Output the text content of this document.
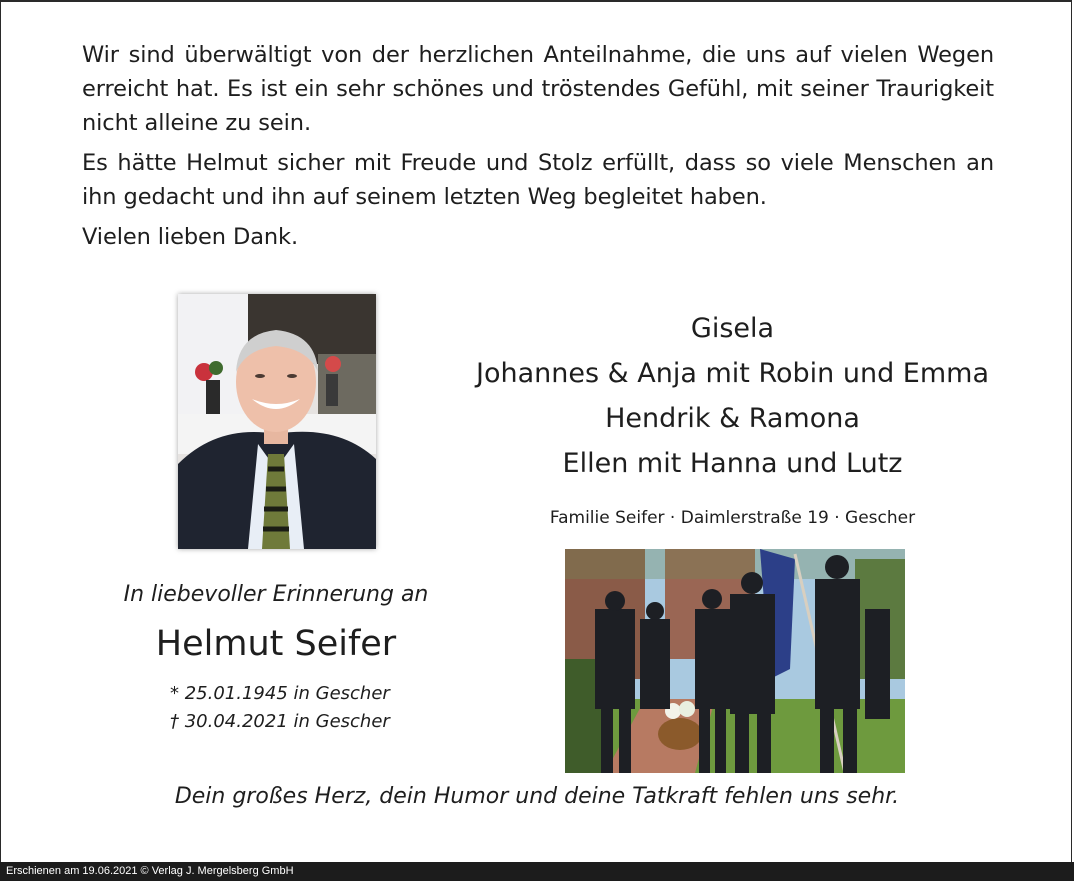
Wir sind überwältigt von der herzlichen Anteilnahme, die uns auf vielen Wegen erreicht hat. Es ist ein sehr schönes und tröstendes Gefühl, mit seiner Traurigkeit nicht alleine zu sein.

Es hätte Helmut sicher mit Freude und Stolz erfüllt, dass so viele Menschen an ihn gedacht und ihn auf seinem letzten Weg begleitet haben.

Vielen lieben Dank.

Gisela
Johannes & Anja mit Robin und Emma
Hendrik & Ramona
Ellen mit Hanna und Lutz
Familie Seifer · Daimlerstraße 19 · Gescher
In liebevoller Erinnerung an
Helmut Seifer
* 25.01.1945 in Gescher
† 30.04.2021 in Gescher
Dein großes Herz, dein Humor und deine Tatkraft fehlen uns sehr.
Erschienen am 19.06.2021 © Verlag J. Mergelsberg GmbH
